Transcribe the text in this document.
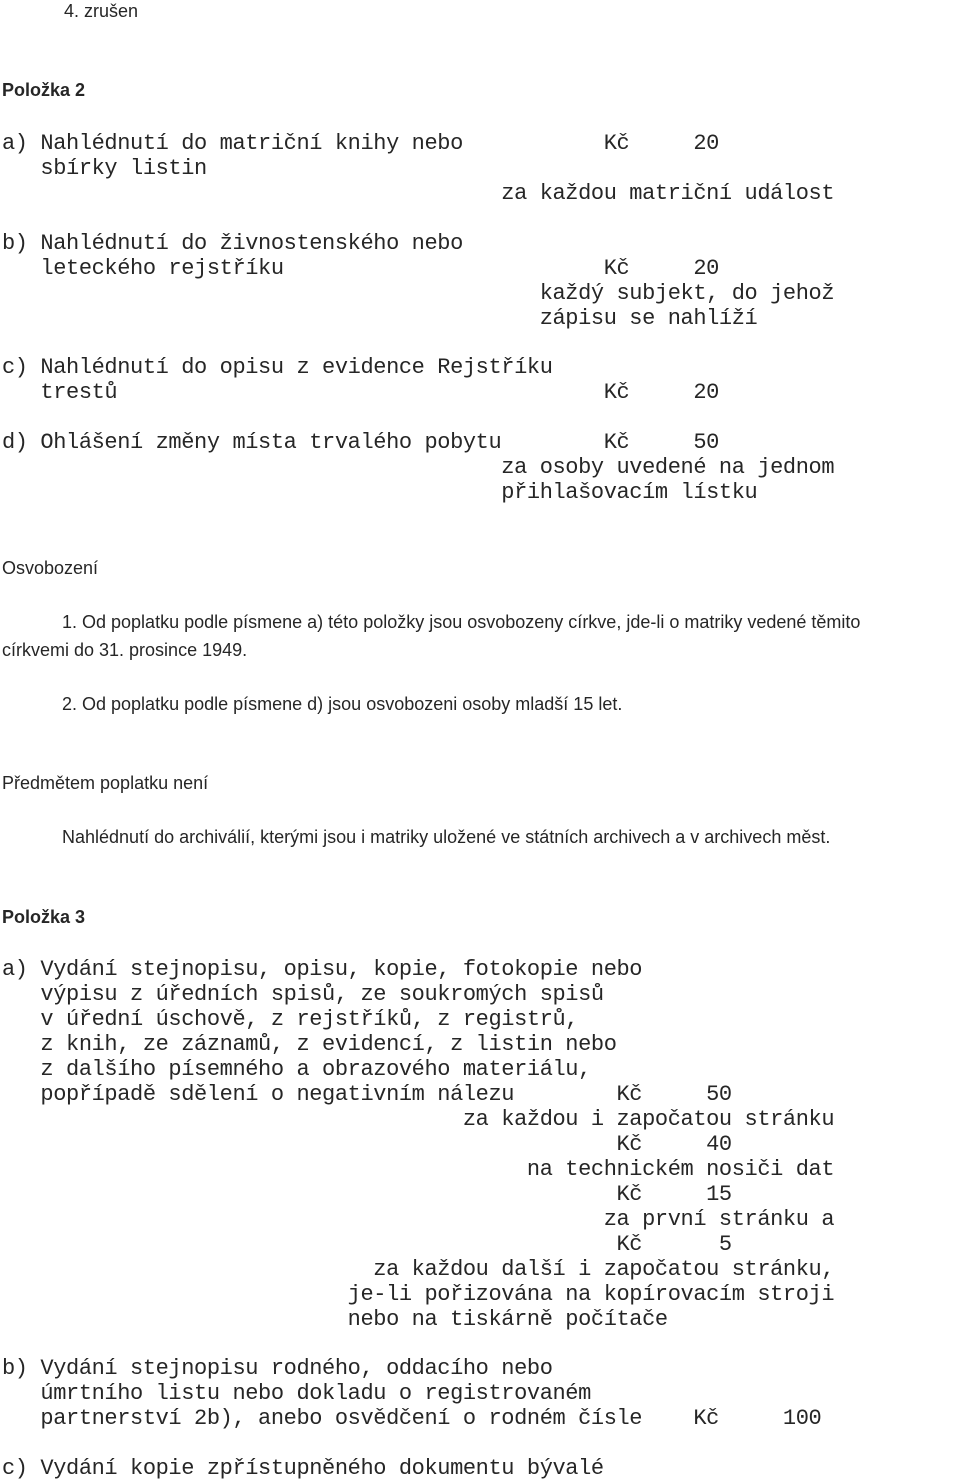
4. zrušen
Položka 2
a) Nahlédnutí do matriční knihy nebo           Kč     20
sbírky listin
za každou matriční událost
b) Nahlédnutí do živnostenského nebo
leteckého rejstříku                         Kč     20
každý subjekt, do jehož
zápisu se nahlíží
c) Nahlédnutí do opisu z evidence Rejstříku
trestů                                      Kč     20
d) Ohlášení změny místa trvalého pobytu        Kč     50
za osoby uvedené na jednom
přihlašovacím lístku
Osvobození
1. Od poplatku podle písmene a) této položky jsou osvobozeny církve, jde-li o matriky vedené těmito
církvemi do 31. prosince 1949.
2. Od poplatku podle písmene d) jsou osvobozeni osoby mladší 15 let.
Předmětem poplatku není
Nahlédnutí do archiválií, kterými jsou i matriky uložené ve státních archivech a v archivech měst.
Položka 3
a) Vydání stejnopisu, opisu, kopie, fotokopie nebo
výpisu z úředních spisů, ze soukromých spisů
v úřední úschově, z rejstříků, z registrů,
z knih, ze záznamů, z evidencí, z listin nebo
z dalšího písemného a obrazového materiálu,
popřípadě sdělení o negativním nálezu        Kč     50
za každou i započatou stránku
Kč     40
na technickém nosiči dat
Kč     15
za první stránku a
Kč      5
za každou další i započatou stránku,
je-li pořizována na kopírovacím stroji
nebo na tiskárně počítače
b) Vydání stejnopisu rodného, oddacího nebo
úmrtního listu nebo dokladu o registrovaném
partnerství 2b), anebo osvědčení o rodném čísle    Kč     100
c) Vydání kopie zpřístupněného dokumentu bývalé
